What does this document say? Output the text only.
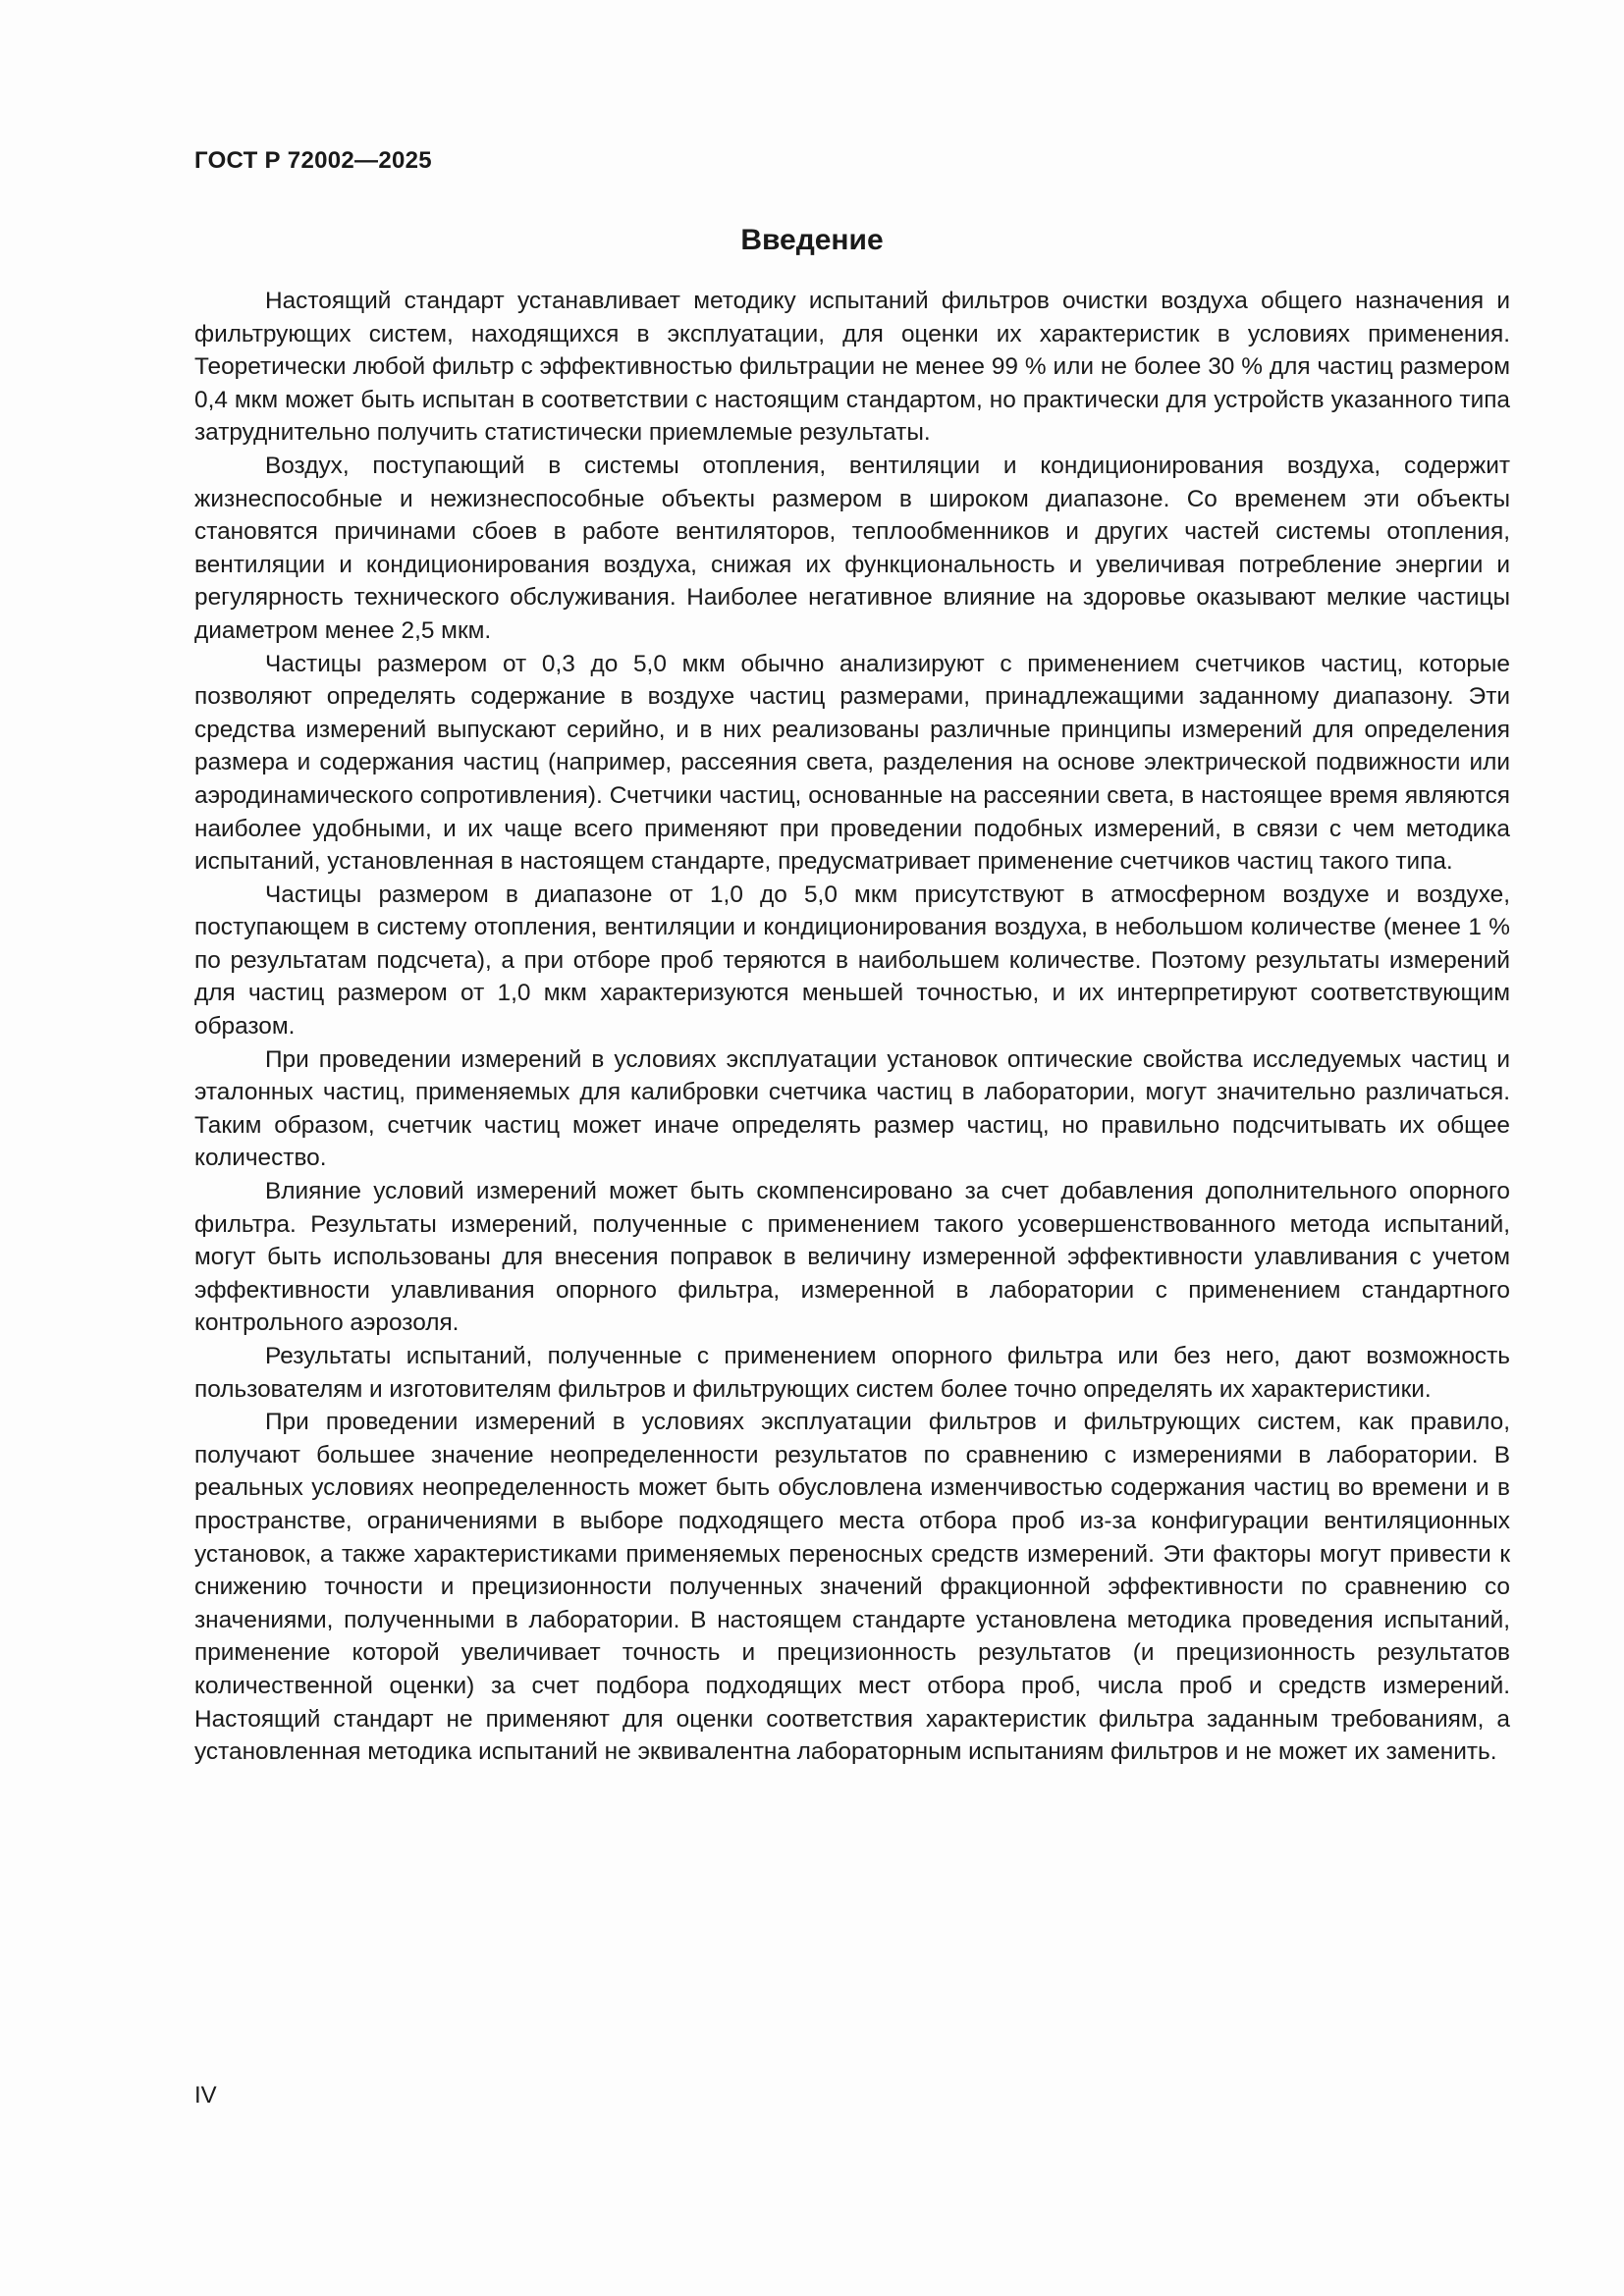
ГОСТ Р 72002—2025
Введение

Настоящий стандарт устанавливает методику испытаний фильтров очистки воздуха общего назначения и фильтрующих систем, находящихся в эксплуатации, для оценки их характеристик в условиях применения. Теоретически любой фильтр с эффективностью фильтрации не менее 99 % или не более 30 % для частиц размером 0,4 мкм может быть испытан в соответствии с настоящим стандартом, но практически для устройств указанного типа затруднительно получить статистически приемлемые результаты.

Воздух, поступающий в системы отопления, вентиляции и кондиционирования воздуха, содержит жизнеспособные и нежизнеспособные объекты размером в широком диапазоне. Со временем эти объекты становятся причинами сбоев в работе вентиляторов, теплообменников и других частей системы отопления, вентиляции и кондиционирования воздуха, снижая их функциональность и увеличивая потребление энергии и регулярность технического обслуживания. Наиболее негативное влияние на здоровье оказывают мелкие частицы диаметром менее 2,5 мкм.

Частицы размером от 0,3 до 5,0 мкм обычно анализируют с применением счетчиков частиц, которые позволяют определять содержание в воздухе частиц размерами, принадлежащими заданному диапазону. Эти средства измерений выпускают серийно, и в них реализованы различные принципы измерений для определения размера и содержания частиц (например, рассеяния света, разделения на основе электрической подвижности или аэродинамического сопротивления). Счетчики частиц, основанные на рассеянии света, в настоящее время являются наиболее удобными, и их чаще всего применяют при проведении подобных измерений, в связи с чем методика испытаний, установленная в настоящем стандарте, предусматривает применение счетчиков частиц такого типа.

Частицы размером в диапазоне от 1,0 до 5,0 мкм присутствуют в атмосферном воздухе и воздухе, поступающем в систему отопления, вентиляции и кондиционирования воздуха, в небольшом количестве (менее 1 % по результатам подсчета), а при отборе проб теряются в наибольшем количестве. Поэтому результаты измерений для частиц размером от 1,0 мкм характеризуются меньшей точностью, и их интерпретируют соответствующим образом.

При проведении измерений в условиях эксплуатации установок оптические свойства исследуемых частиц и эталонных частиц, применяемых для калибровки счетчика частиц в лаборатории, могут значительно различаться. Таким образом, счетчик частиц может иначе определять размер частиц, но правильно подсчитывать их общее количество.

Влияние условий измерений может быть скомпенсировано за счет добавления дополнительного опорного фильтра. Результаты измерений, полученные с применением такого усовершенствованного метода испытаний, могут быть использованы для внесения поправок в величину измеренной эффективности улавливания с учетом эффективности улавливания опорного фильтра, измеренной в лаборатории с применением стандартного контрольного аэрозоля.

Результаты испытаний, полученные с применением опорного фильтра или без него, дают возможность пользователям и изготовителям фильтров и фильтрующих систем более точно определять их характеристики.

При проведении измерений в условиях эксплуатации фильтров и фильтрующих систем, как правило, получают большее значение неопределенности результатов по сравнению с измерениями в лаборатории. В реальных условиях неопределенность может быть обусловлена изменчивостью содержания частиц во времени и в пространстве, ограничениями в выборе подходящего места отбора проб из-за конфигурации вентиляционных установок, а также характеристиками применяемых переносных средств измерений. Эти факторы могут привести к снижению точности и прецизионности полученных значений фракционной эффективности по сравнению со значениями, полученными в лаборатории. В настоящем стандарте установлена методика проведения испытаний, применение которой увеличивает точность и прецизионность результатов (и прецизионность результатов количественной оценки) за счет подбора подходящих мест отбора проб, числа проб и средств измерений. Настоящий стандарт не применяют для оценки соответствия характеристик фильтра заданным требованиям, а установленная методика испытаний не эквивалентна лабораторным испытаниям фильтров и не может их заменить.

IV
